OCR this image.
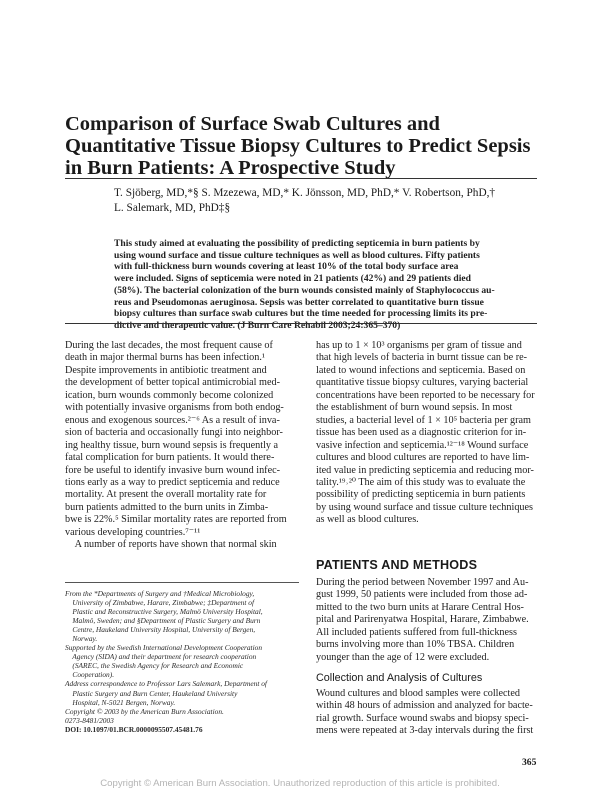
Comparison of Surface Swab Cultures and
Quantitative Tissue Biopsy Cultures to Predict Sepsis
in Burn Patients: A Prospective Study
T. Sjöberg, MD,*§ S. Mzezewa, MD,* K. Jönsson, MD, PhD,* V. Robertson, PhD,†
L. Salemark, MD, PhD‡§
This study aimed at evaluating the possibility of predicting septicemia in burn patients by
using wound surface and tissue culture techniques as well as blood cultures. Fifty patients
with full-thickness burn wounds covering at least 10% of the total body surface area
were included. Signs of septicemia were noted in 21 patients (42%) and 29 patients died
(58%). The bacterial colonization of the burn wounds consisted mainly of Staphylococcus au-
reus and Pseudomonas aeruginosa. Sepsis was better correlated to quantitative burn tissue
biopsy cultures than surface swab cultures but the time needed for processing limits its pre-
dictive and therapeutic value. (J Burn Care Rehabil 2003;24:365–370)
During the last decades, the most frequent cause of
death in major thermal burns has been infection.¹
Despite improvements in antibiotic treatment and
the development of better topical antimicrobial med-
ication, burn wounds commonly become colonized
with potentially invasive organisms from both endog-
enous and exogenous sources.²⁻⁶ As a result of inva-
sion of bacteria and occasionally fungi into neighbor-
ing healthy tissue, burn wound sepsis is frequently a
fatal complication for burn patients. It would there-
fore be useful to identify invasive burn wound infec-
tions early as a way to predict septicemia and reduce
mortality. At present the overall mortality rate for
burn patients admitted to the burn units in Zimba-
bwe is 22%.⁵ Similar mortality rates are reported from
various developing countries.⁷⁻¹¹
A number of reports have shown that normal skin
From the *Departments of Surgery and †Medical Microbiology,
University of Zimbabwe, Harare, Zimbabwe; ‡Department of
Plastic and Reconstructive Surgery, Malmö University Hospital,
Malmö, Sweden; and §Department of Plastic Surgery and Burn
Centre, Haukeland University Hospital, University of Bergen,
Norway.
Supported by the Swedish International Development Cooperation
Agency (SIDA) and their department for research cooperation
(SAREC, the Swedish Agency for Research and Economic
Cooperation).
Address correspondence to Professor Lars Salemark, Department of
Plastic Surgery and Burn Center, Haukeland University
Hospital, N-5021 Bergen, Norway.
Copyright © 2003 by the American Burn Association.
0273-8481/2003
DOI: 10.1097/01.BCR.0000095507.45481.76
has up to 1 × 10³ organisms per gram of tissue and
that high levels of bacteria in burnt tissue can be re-
lated to wound infections and septicemia. Based on
quantitative tissue biopsy cultures, varying bacterial
concentrations have been reported to be necessary for
the establishment of burn wound sepsis. In most
studies, a bacterial level of 1 × 10⁵ bacteria per gram
tissue has been used as a diagnostic criterion for in-
vasive infection and septicemia.¹²⁻¹⁸ Wound surface
cultures and blood cultures are reported to have lim-
ited value in predicting septicemia and reducing mor-
tality.¹⁹˒²⁰ The aim of this study was to evaluate the
possibility of predicting septicemia in burn patients
by using wound surface and tissue culture techniques
as well as blood cultures.
PATIENTS AND METHODS
During the period between November 1997 and Au-
gust 1999, 50 patients were included from those ad-
mitted to the two burn units at Harare Central Hos-
pital and Parirenyatwa Hospital, Harare, Zimbabwe.
All included patients suffered from full-thickness
burns involving more than 10% TBSA. Children
younger than the age of 12 were excluded.
Collection and Analysis of Cultures
Wound cultures and blood samples were collected
within 48 hours of admission and analyzed for bacte-
rial growth. Surface wound swabs and biopsy speci-
mens were repeated at 3-day intervals during the first
365
Copyright © American Burn Association. Unauthorized reproduction of this article is prohibited.
